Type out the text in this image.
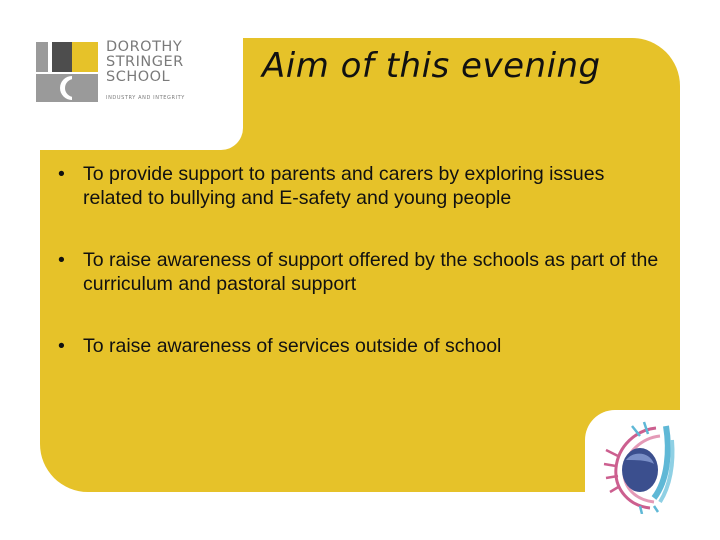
DOROTHY
STRINGER
SCHOOL
INDUSTRY AND INTEGRITY
Aim of this evening
• To provide support to parents and carers by exploring issues related to bullying and E-safety and young people
• To raise awareness of support offered by the schools as part of the curriculum and pastoral support
• To raise awareness of services outside of school
